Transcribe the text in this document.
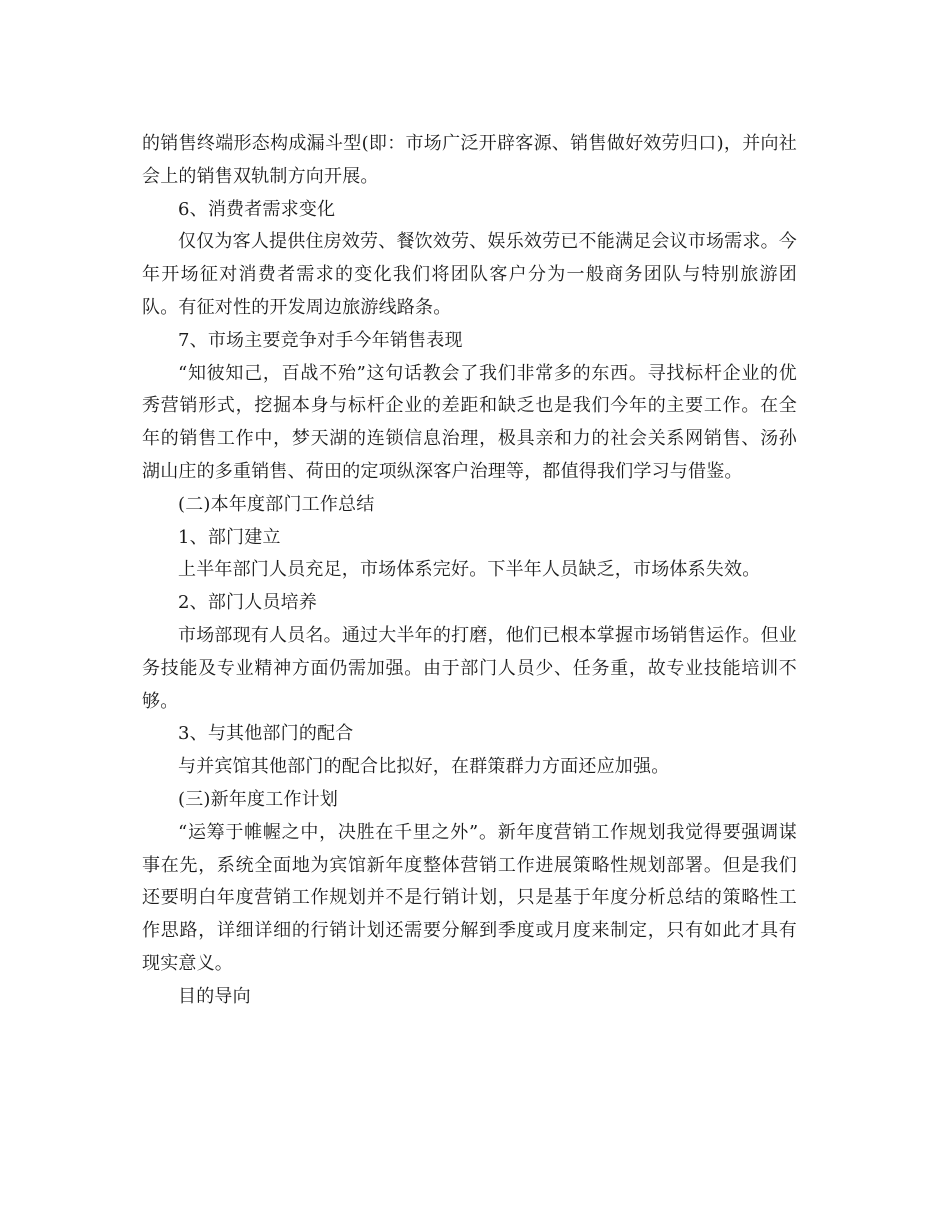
的销售终端形态构成漏斗型(即：市场广泛开辟客源、销售做好效劳归口)，并向社会上的销售双轨制方向开展。

6、消费者需求变化

仅仅为客人提供住房效劳、餐饮效劳、娱乐效劳已不能满足会议市场需求。今年开场征对消费者需求的变化我们将团队客户分为一般商务团队与特别旅游团队。有征对性的开发周边旅游线路条。

7、市场主要竞争对手今年销售表现

“知彼知己，百战不殆”这句话教会了我们非常多的东西。寻找标杆企业的优秀营销形式，挖掘本身与标杆企业的差距和缺乏也是我们今年的主要工作。在全年的销售工作中，梦天湖的连锁信息治理，极具亲和力的社会关系网销售、汤孙湖山庄的多重销售、荷田的定项纵深客户治理等，都值得我们学习与借鉴。

(二)本年度部门工作总结

1、部门建立

上半年部门人员充足，市场体系完好。下半年人员缺乏，市场体系失效。

2、部门人员培养

市场部现有人员名。通过大半年的打磨，他们已根本掌握市场销售运作。但业务技能及专业精神方面仍需加强。由于部门人员少、任务重，故专业技能培训不够。

3、与其他部门的配合

与并宾馆其他部门的配合比拟好，在群策群力方面还应加强。

(三)新年度工作计划

“运筹于帷幄之中，决胜在千里之外”。新年度营销工作规划我觉得要强调谋事在先，系统全面地为宾馆新年度整体营销工作进展策略性规划部署。但是我们还要明白年度营销工作规划并不是行销计划，只是基于年度分析总结的策略性工作思路，详细详细的行销计划还需要分解到季度或月度来制定，只有如此才具有现实意义。

目的导向
